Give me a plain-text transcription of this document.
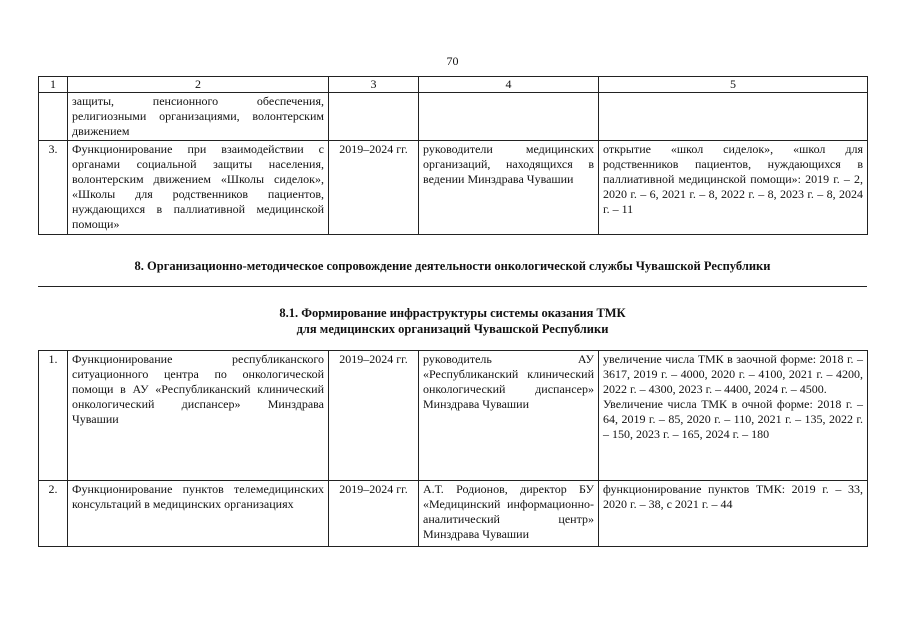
70
1	2	3	4	5
	защиты, пенсионного обеспечения, религиозными организациями, волонтерским движением			
3.	Функционирование при взаимодействии с органами социальной защиты населения, волонтерским движением «Школы сиделок», «Школы для родственников пациентов, нуждающихся в паллиативной медицинской помощи»	2019–2024 гг.	руководители медицинских организаций, находящихся в ведении Минздрава Чувашии	открытие «школ сиделок», «школ для родственников пациентов, нуждающихся в паллиативной медицинской помощи»: 2019 г. – 2, 2020 г. – 6, 2021 г. – 8, 2022 г. – 8, 2023 г. – 8, 2024 г. – 11
8. Организационно-методическое сопровождение деятельности онкологической службы Чувашской Республики
8.1. Формирование инфраструктуры системы оказания ТМК
для медицинских организаций Чувашской Республики
1.	Функционирование республиканского ситуационного центра по онкологической помощи в АУ «Республиканский клинический онкологический диспансер» Минздрава Чувашии	2019–2024 гг.	руководитель АУ «Республиканский клинический онкологический диспансер» Минздрава Чувашии	увеличение числа ТМК в заочной форме: 2018 г. – 3617, 2019 г. – 4000, 2020 г. – 4100, 2021 г. – 4200, 2022 г. – 4300, 2023 г. – 4400, 2024 г. – 4500.
Увеличение числа ТМК в очной форме: 2018 г. – 64, 2019 г. – 85, 2020 г. – 110, 2021 г. – 135, 2022 г. – 150, 2023 г. – 165, 2024 г. – 180

2.	Функционирование пунктов телемедицинских консультаций в медицинских организациях	2019–2024 гг.	А.Т. Родионов, директор БУ «Медицинский информационно-аналитический центр» Минздрава Чувашии	функционирование пунктов ТМК: 2019 г. – 33, 2020 г. – 38, с 2021 г. – 44
